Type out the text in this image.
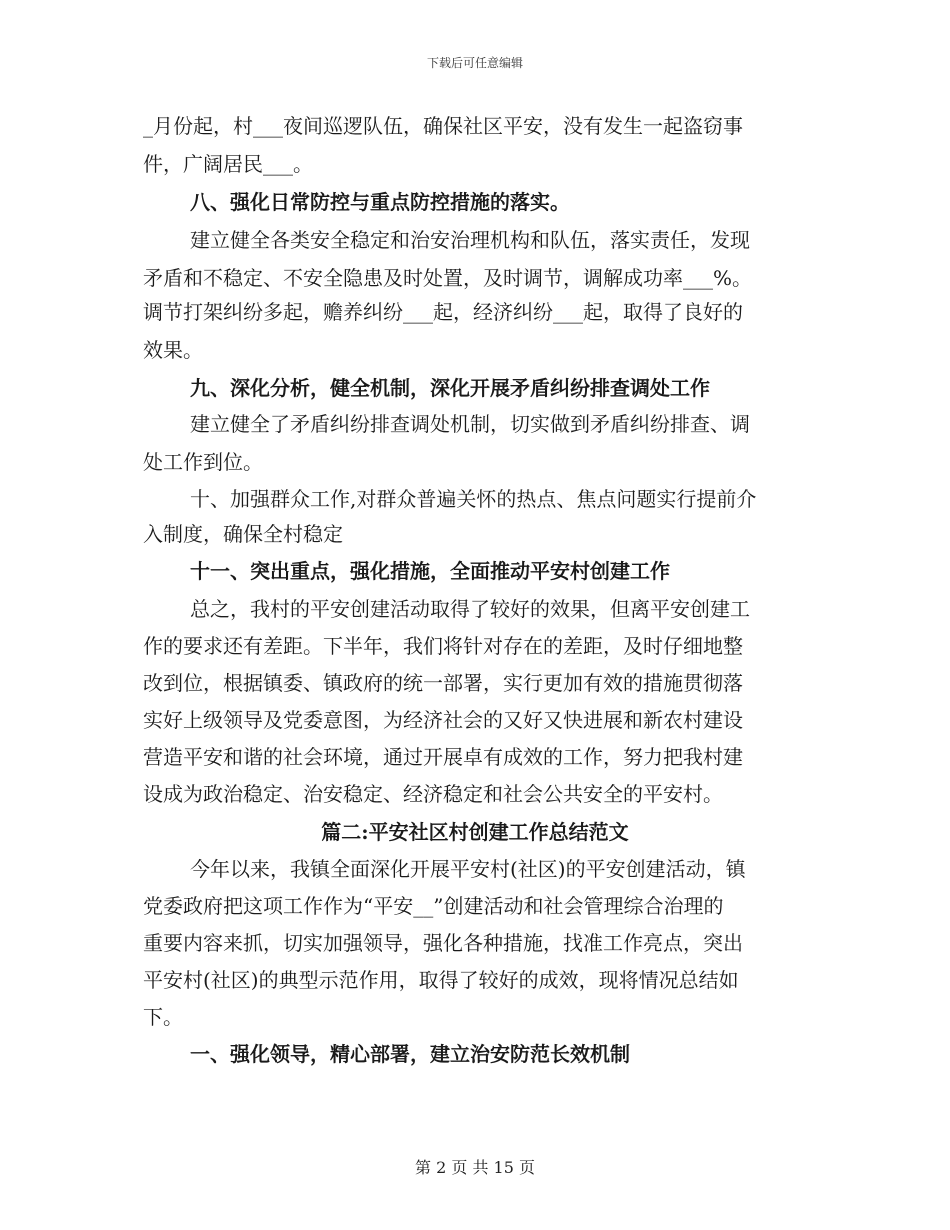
下载后可任意编辑
_月份起，村___夜间巡逻队伍，确保社区平安，没有发生一起盗窃事
件，广阔居民___。
八、强化日常防控与重点防控措施的落实。
建立健全各类安全稳定和治安治理机构和队伍，落实责任，发现
矛盾和不稳定、不安全隐患及时处置，及时调节，调解成功率___%。
调节打架纠纷多起，赡养纠纷___起，经济纠纷___起，取得了良好的
效果。
九、深化分析，健全机制，深化开展矛盾纠纷排查调处工作
建立健全了矛盾纠纷排查调处机制，切实做到矛盾纠纷排查、调
处工作到位。
十、加强群众工作,对群众普遍关怀的热点、焦点问题实行提前介
入制度，确保全村稳定
十一、突出重点，强化措施，全面推动平安村创建工作
总之，我村的平安创建活动取得了较好的效果，但离平安创建工
作的要求还有差距。下半年，我们将针对存在的差距，及时仔细地整
改到位，根据镇委、镇政府的统一部署，实行更加有效的措施贯彻落
实好上级领导及党委意图，为经济社会的又好又快进展和新农村建设
营造平安和谐的社会环境，通过开展卓有成效的工作，努力把我村建
设成为政治稳定、治安稳定、经济稳定和社会公共安全的平安村。
篇二:平安社区村创建工作总结范文
今年以来，我镇全面深化开展平安村(社区)的平安创建活动，镇
党委政府把这项工作作为“平安__”创建活动和社会管理综合治理的
重要内容来抓，切实加强领导，强化各种措施，找准工作亮点，突出
平安村(社区)的典型示范作用，取得了较好的成效，现将情况总结如
下。
一、强化领导，精心部署，建立治安防范长效机制
第 2 页 共 15 页
